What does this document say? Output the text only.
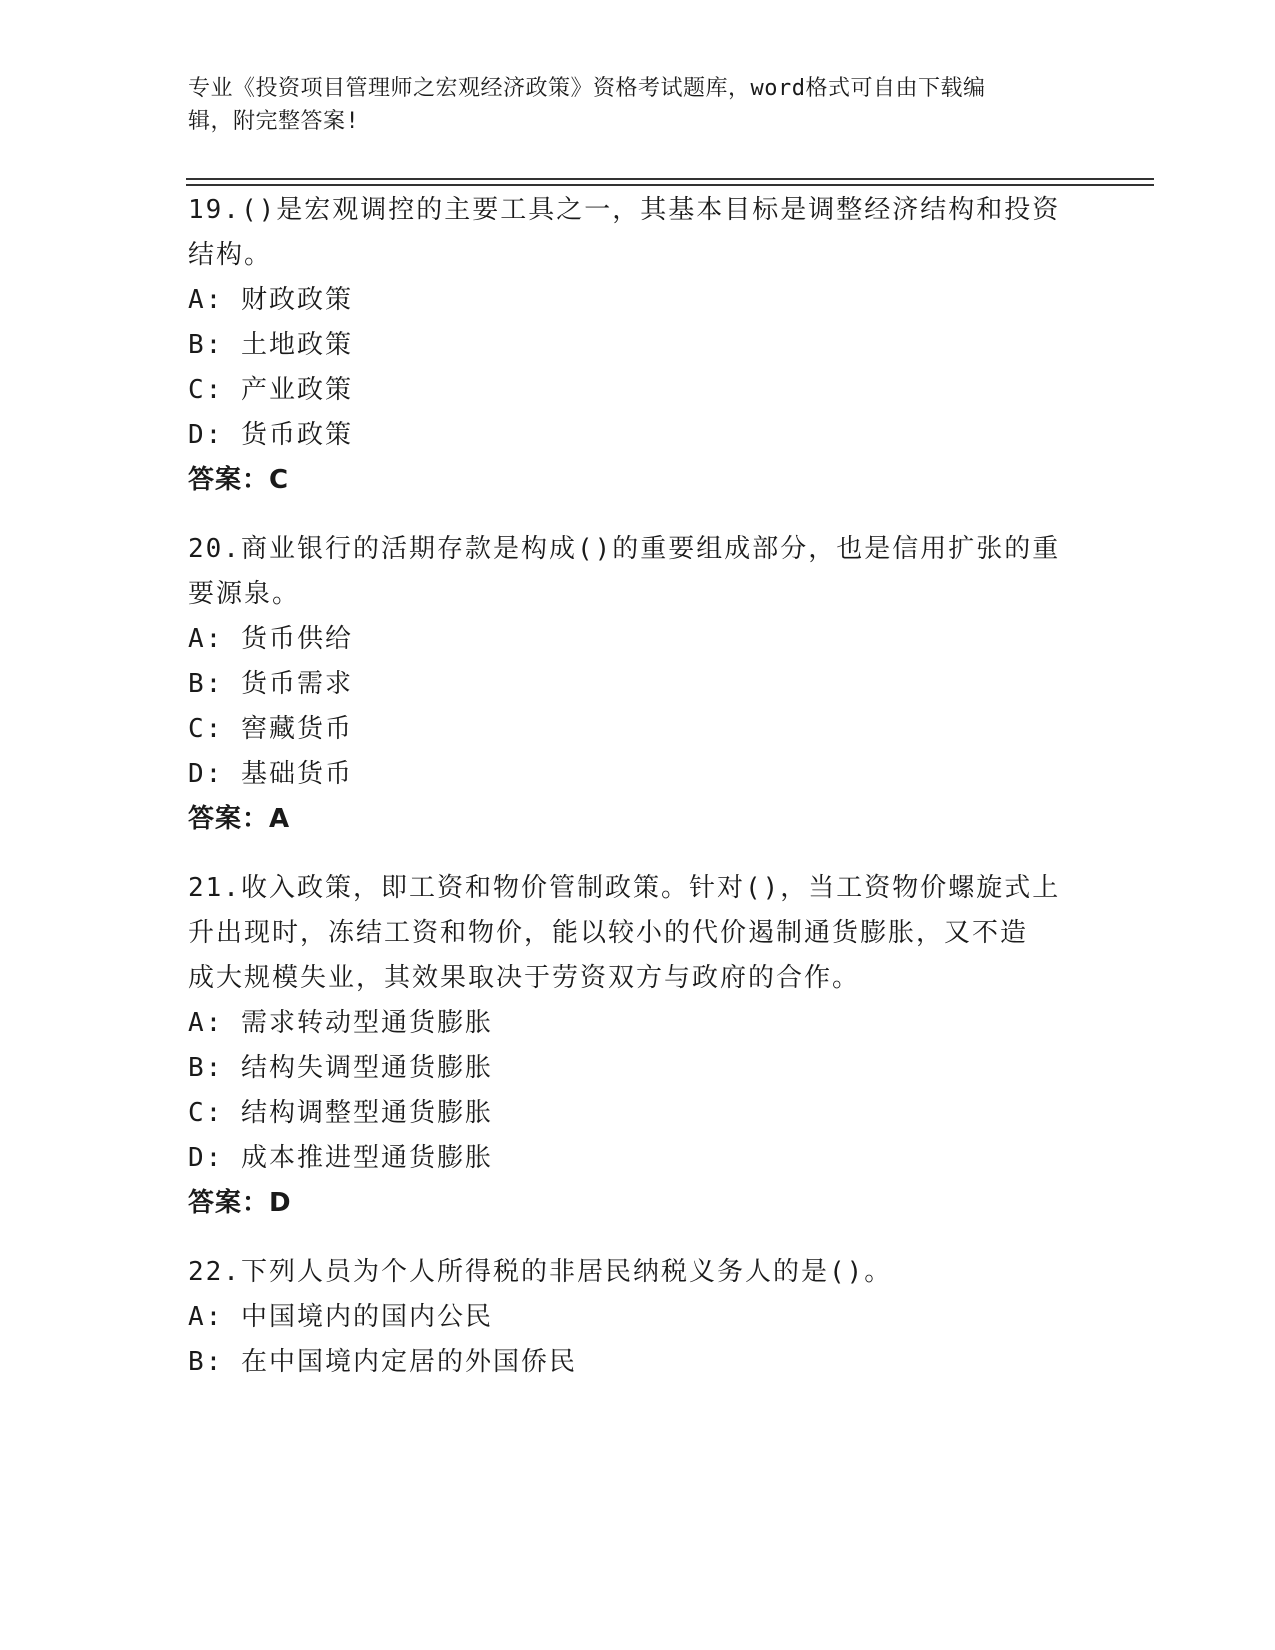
专业《投资项目管理师之宏观经济政策》资格考试题库，word格式可自由下载编
辑，附完整答案!

19.()是宏观调控的主要工具之一，其基本目标是调整经济结构和投资

结构。

A: 财政政策

B: 土地政策

C: 产业政策

D: 货币政策

答案：C

20.商业银行的活期存款是构成()的重要组成部分，也是信用扩张的重

要源泉。

A: 货币供给

B: 货币需求

C: 窖藏货币

D: 基础货币

答案：A

21.收入政策，即工资和物价管制政策。针对()，当工资物价螺旋式上

升出现时，冻结工资和物价，能以较小的代价遏制通货膨胀，又不造

成大规模失业，其效果取决于劳资双方与政府的合作。

A: 需求转动型通货膨胀

B: 结构失调型通货膨胀

C: 结构调整型通货膨胀

D: 成本推进型通货膨胀

答案：D

22.下列人员为个人所得税的非居民纳税义务人的是()。

A: 中国境内的国内公民

B: 在中国境内定居的外国侨民
